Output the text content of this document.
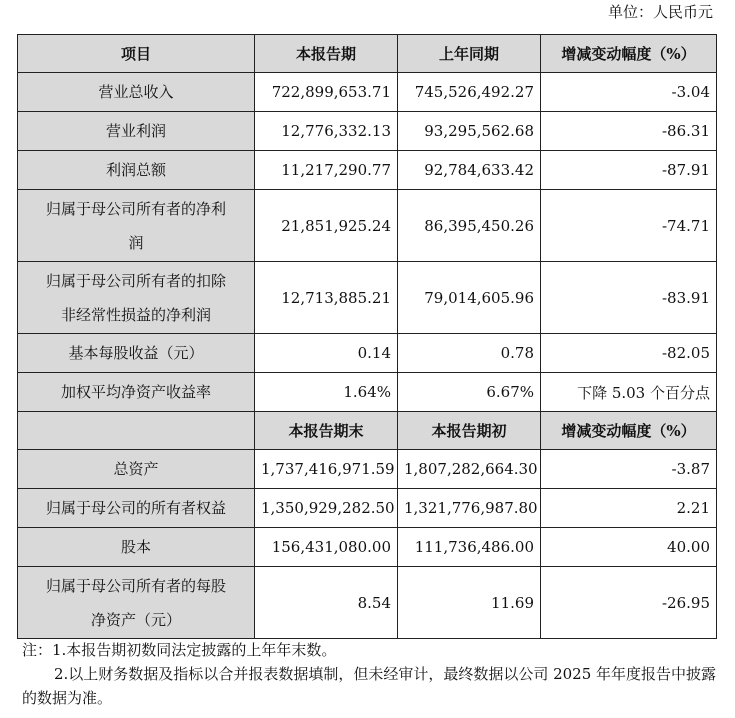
单位：人民币元
项目	本报告期	上年同期	增减变动幅度（%）
营业总收入	722,899,653.71	745,526,492.27	-3.04
营业利润	12,776,332.13	93,295,562.68	-86.31
利润总额	11,217,290.77	92,784,633.42	-87.91
归属于母公司所有者的净利
润	21,851,925.24	86,395,450.26	-74.71
归属于母公司所有者的扣除
非经常性损益的净利润	12,713,885.21	79,014,605.96	-83.91
基本每股收益（元）	0.14	0.78	-82.05
加权平均净资产收益率	1.64%	6.67%	下降 5.03 个百分点
	本报告期末	本报告期初	增减变动幅度（%）
总资产	1,737,416,971.59	1,807,282,664.30	-3.87
归属于母公司的所有者权益	1,350,929,282.50	1,321,776,987.80	2.21
股本	156,431,080.00	111,736,486.00	40.00
归属于母公司所有者的每股
净资产（元）	8.54	11.69	-26.95
注：1.本报告期初数同法定披露的上年年末数。
2.以上财务数据及指标以合并报表数据填制，但未经审计，最终数据以公司 2025 年年度报告中披露的数据为准。
